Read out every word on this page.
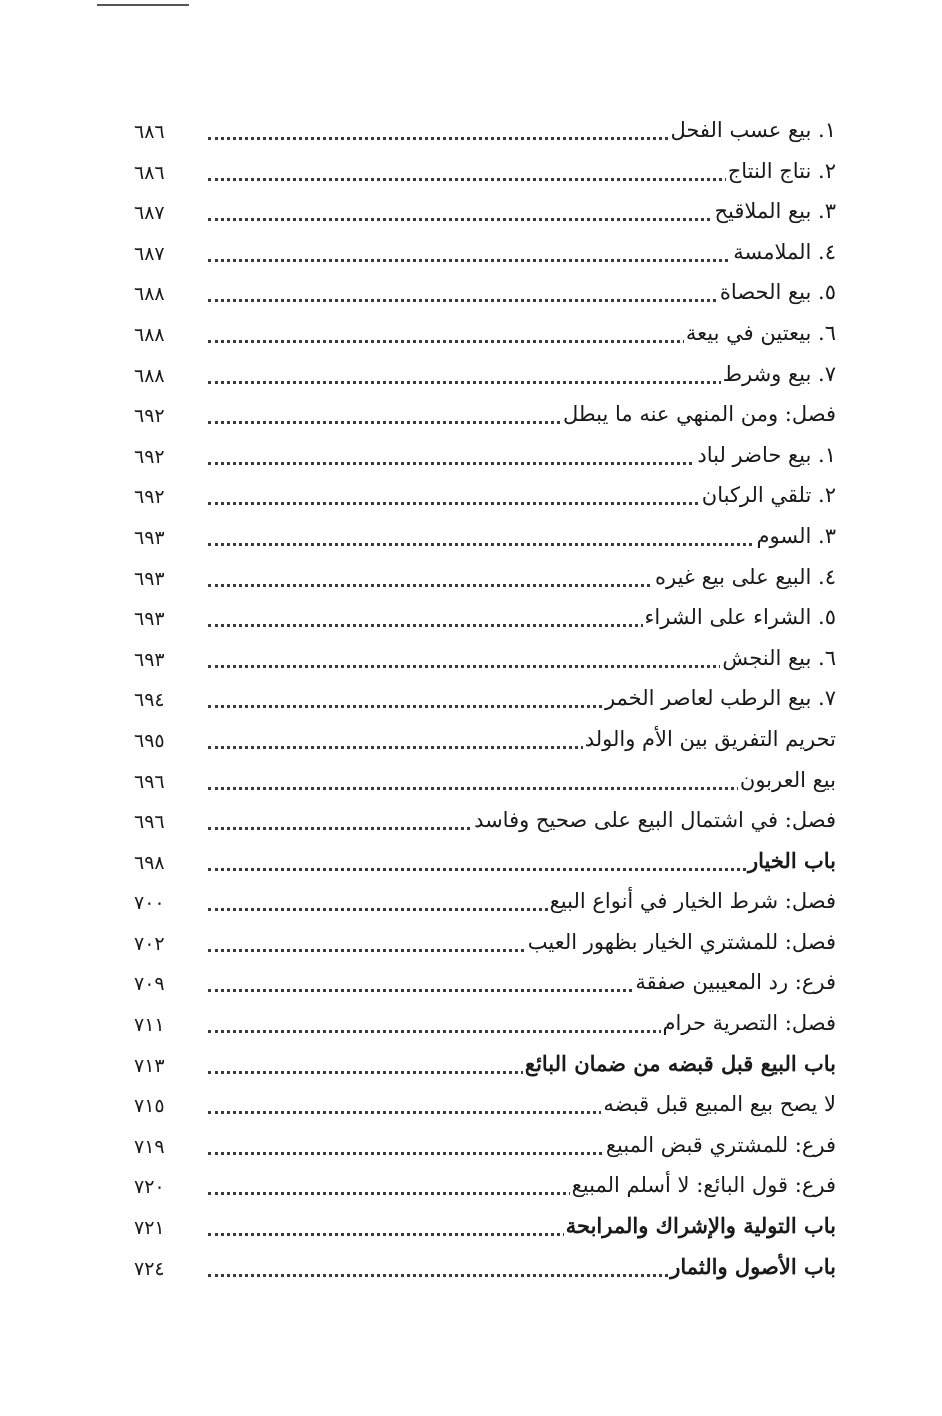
١. بيع عسب الفحل
٦٨٦
٢. نتاج النتاج
٦٨٦
٣. بيع الملاقيح
٦٨٧
٤. الملامسة
٦٨٧
٥. بيع الحصاة
٦٨٨
٦. بيعتين في بيعة
٦٨٨
٧. بيع وشرط
٦٨٨
فصل: ومن المنهي عنه ما يبطل
٦٩٢
١. بيع حاضر لباد
٦٩٢
٢. تلقي الركبان
٦٩٢
٣. السوم
٦٩٣
٤. البيع على بيع غيره
٦٩٣
٥. الشراء على الشراء
٦٩٣
٦. بيع النجش
٦٩٣
٧. بيع الرطب لعاصر الخمر
٦٩٤
تحريم التفريق بين الأم والولد
٦٩٥
بيع العربون
٦٩٦
فصل: في اشتمال البيع على صحيح وفاسد
٦٩٦
باب الخيار
٦٩٨
فصل: شرط الخيار في أنواع البيع
٧٠٠
فصل: للمشتري الخيار بظهور العيب
٧٠٢
فرع: رد المعيبين صفقة
٧٠٩
فصل: التصرية حرام
٧١١
باب البيع قبل قبضه من ضمان البائع
٧١٣
لا يصح بيع المبيع قبل قبضه
٧١٥
فرع: للمشتري قبض المبيع
٧١٩
فرع: قول البائع: لا أسلم المبيع
٧٢٠
باب التولية والإشراك والمرابحة
٧٢١
باب الأصول والثمار
٧٢٤
